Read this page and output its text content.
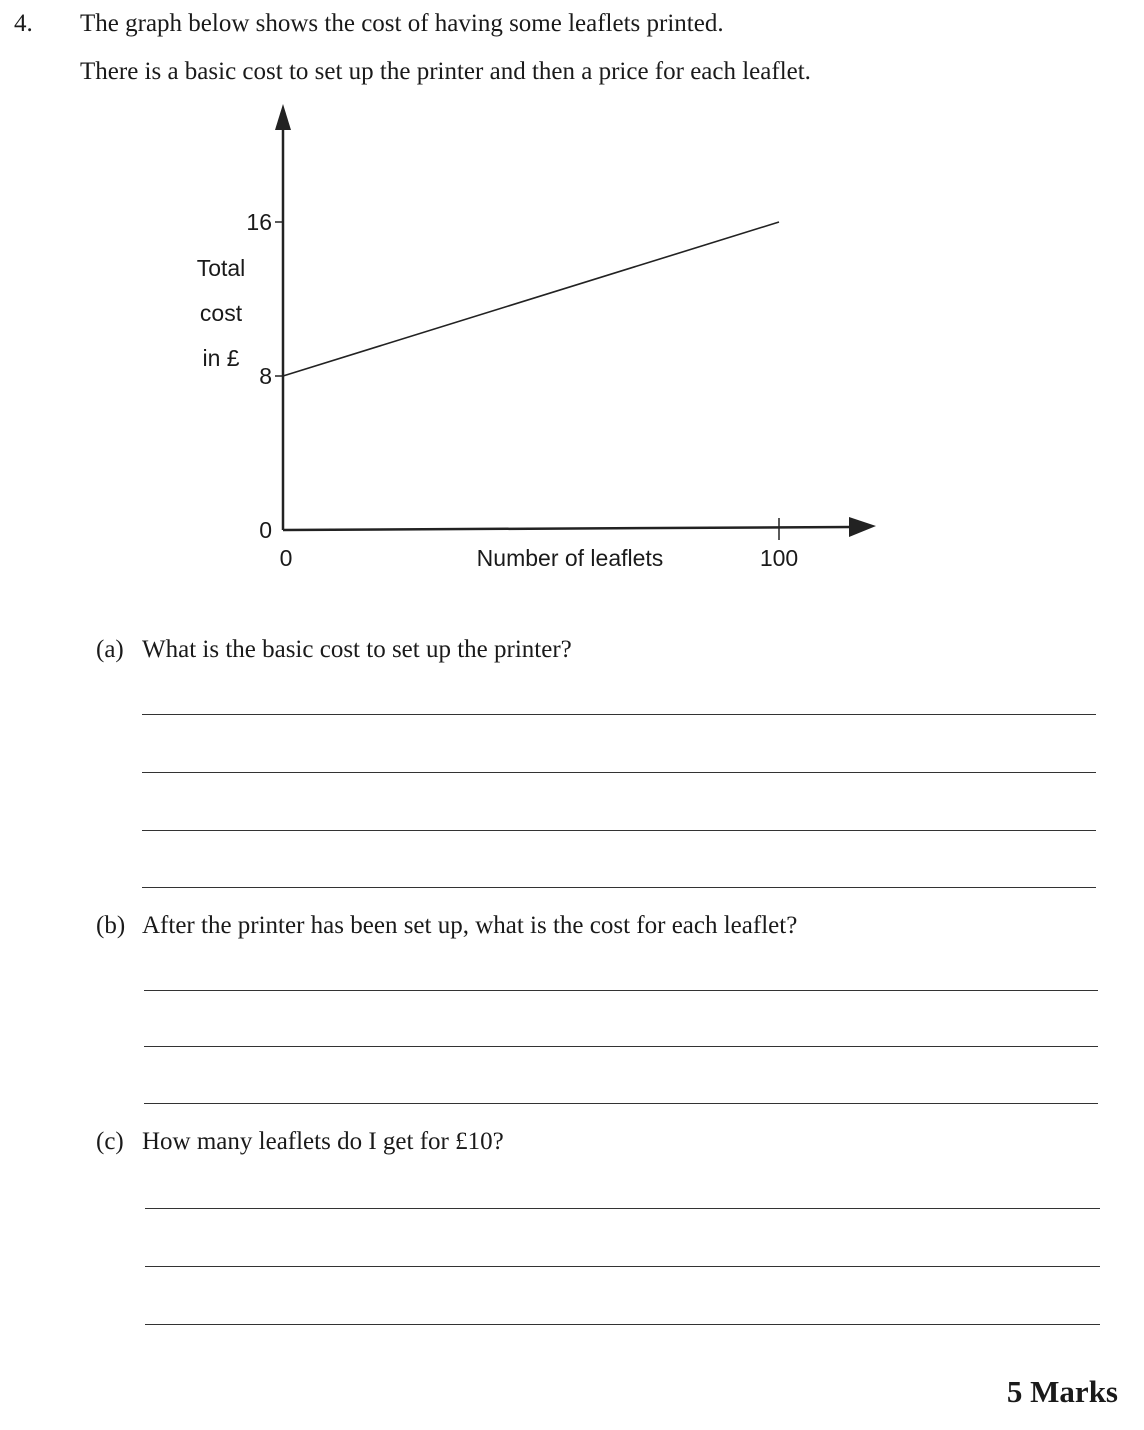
4. The graph below shows the cost of having some leaflets printed.
There is a basic cost to set up the printer and then a price for each leaflet.
0
8
16
0	100
Number of leaflets
Total
cost
in £
(a) What is the basic cost to set up the printer?
(b) After the printer has been set up, what is the cost for each leaflet?
(c) How many leaflets do I get for £10?
5 Marks
